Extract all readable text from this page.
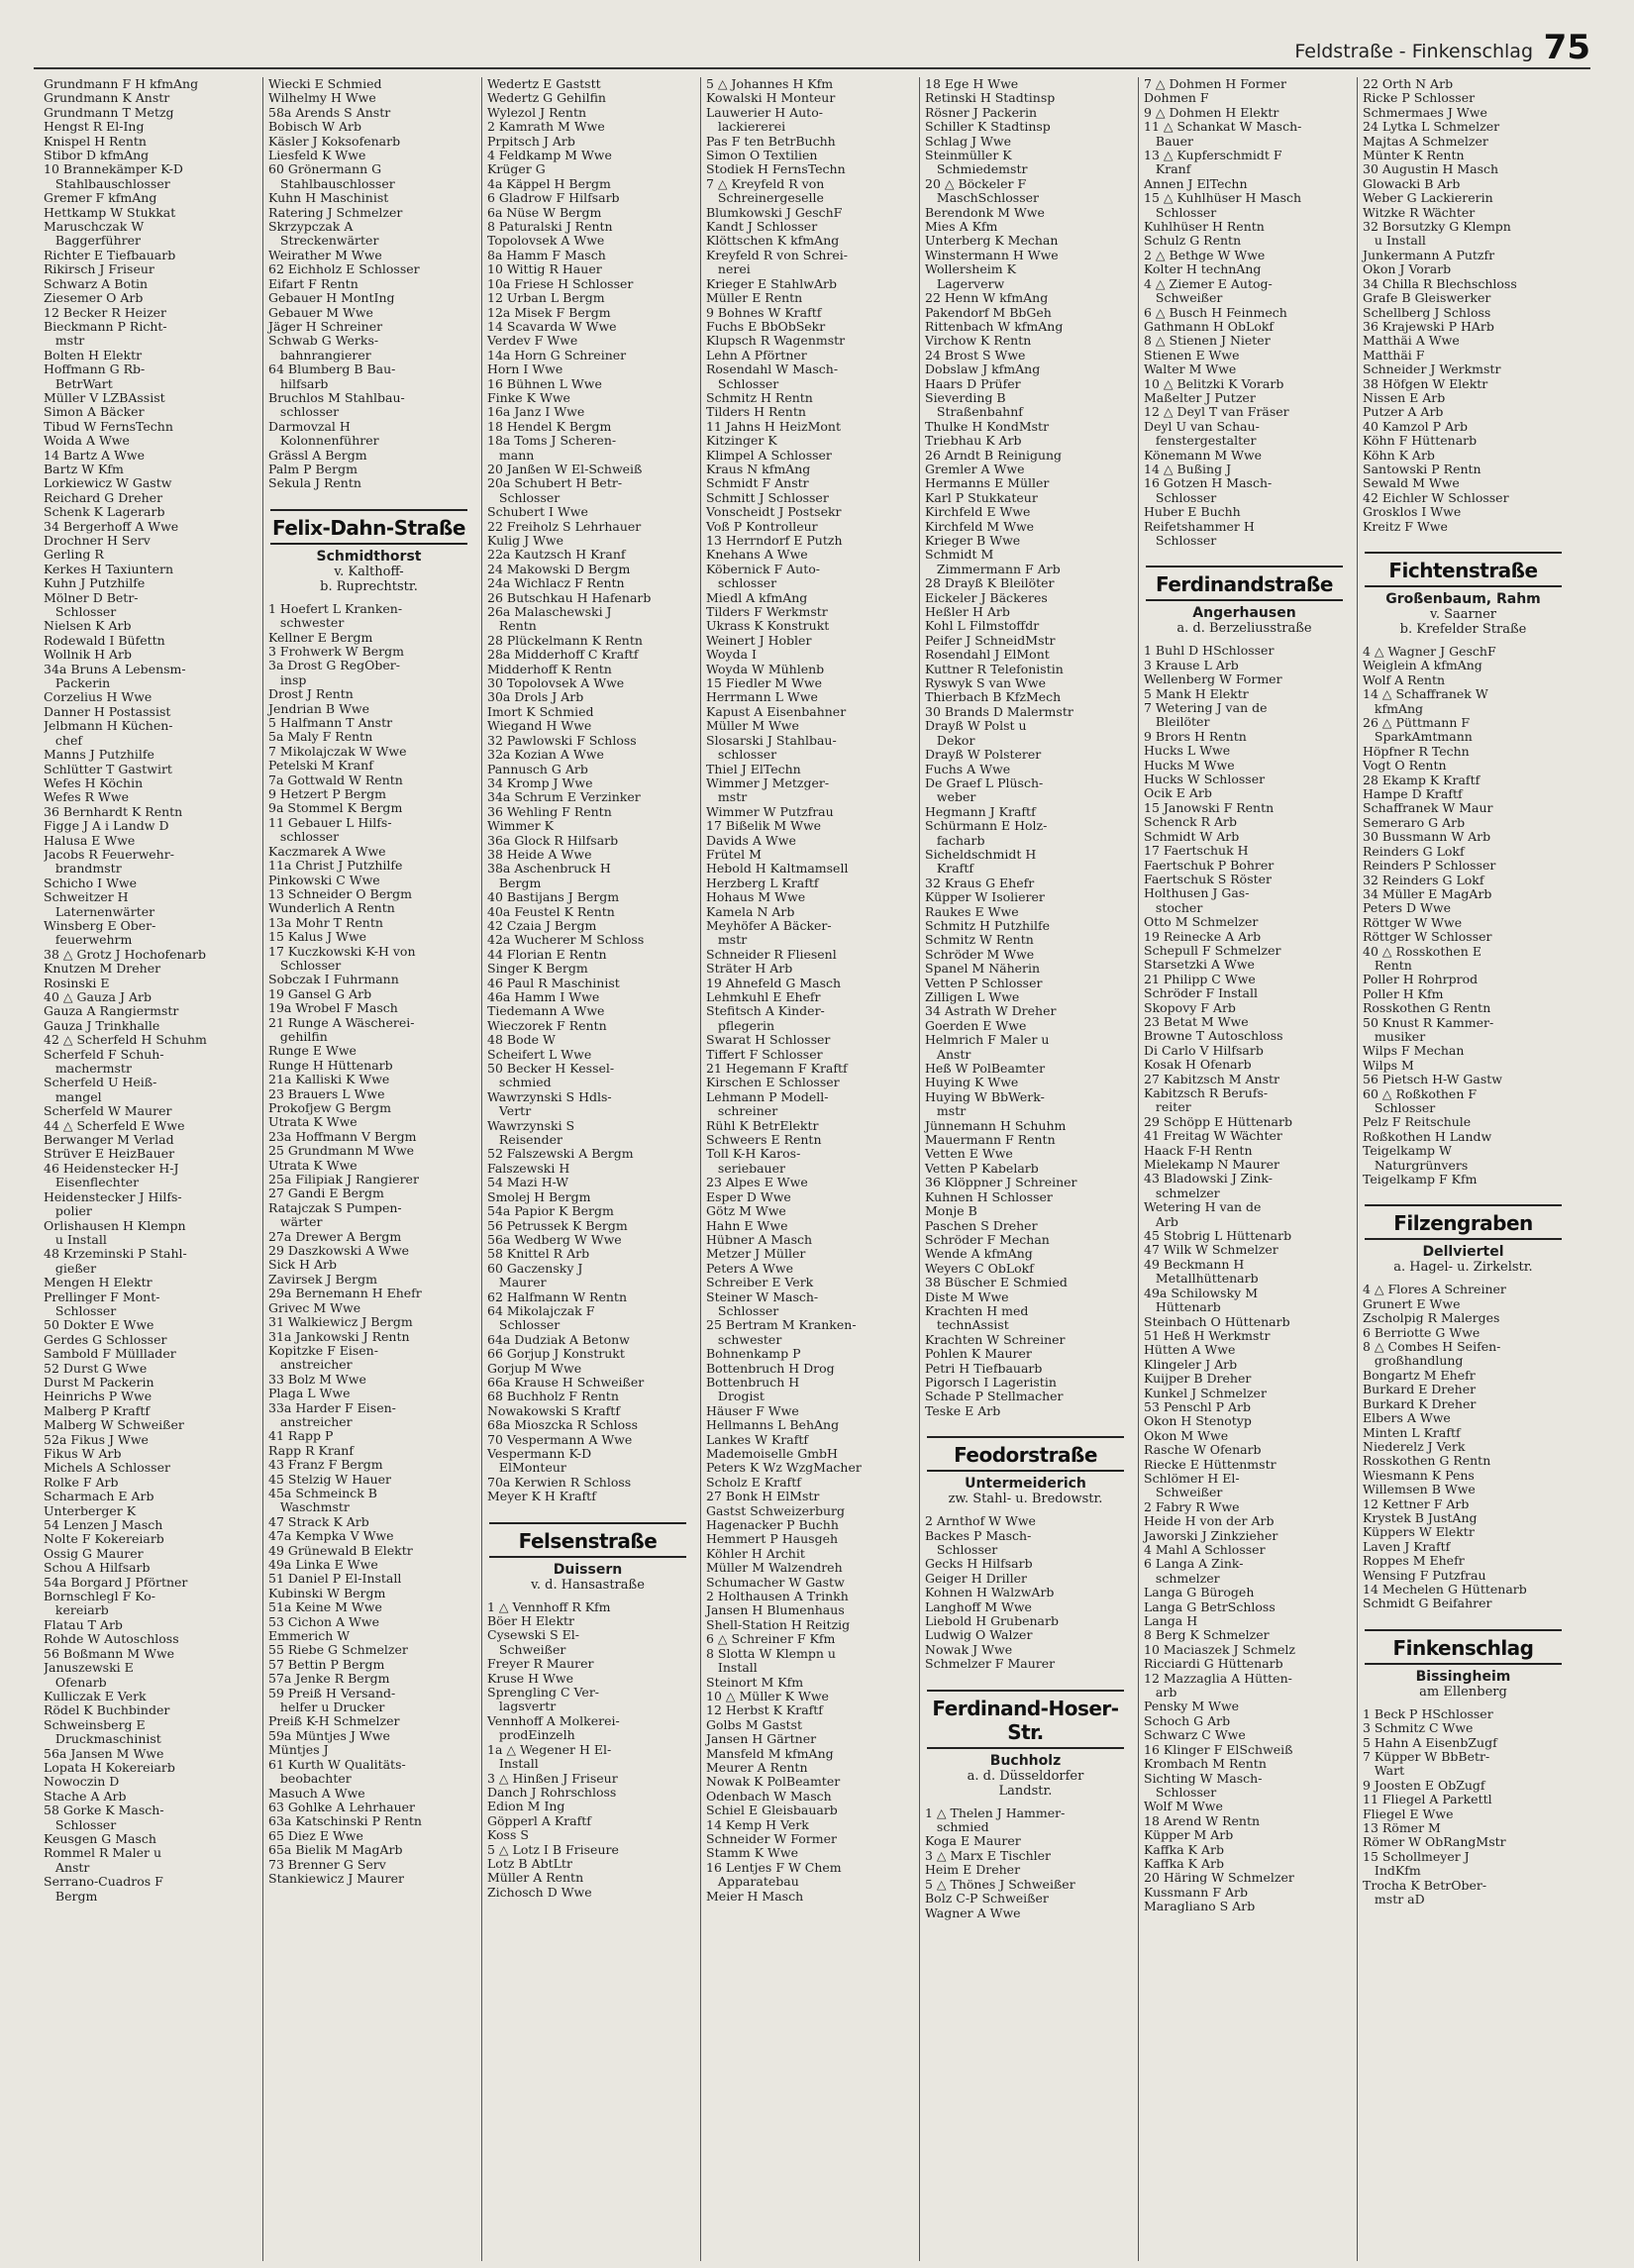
Feldstraße - Finkenschlag 75
Grundmann F H kfmAng
Grundmann K Anstr
Grundmann T Metzg
Hengst R El-Ing
Knispel H Rentn
Stibor D kfmAng
10 Brannekämper K-D
Stahlbauschlosser
Gremer F kfmAng
Hettkamp W Stukkat
Maruschczak W
Baggerführer
Richter E Tiefbauarb
Rikirsch J Friseur
Schwarz A Botin
Ziesemer O Arb
12 Becker R Heizer
Bieckmann P Richt-
mstr
Bolten H Elektr
Hoffmann G Rb-
BetrWart
Müller V LZBAssist
Simon A Bäcker
Tibud W FernsTechn
Woida A Wwe
14 Bartz A Wwe
Bartz W Kfm
Lorkiewicz W Gastw
Reichard G Dreher
Schenk K Lagerarb
34 Bergerhoff A Wwe
Drochner H Serv
Gerling R
Kerkes H Taxiuntern
Kuhn J Putzhilfe
Mölner D Betr-
Schlosser
Nielsen K Arb
Rodewald I Büfettn
Wollnik H Arb
34a Bruns A Lebensm-
Packerin
Corzelius H Wwe
Danner H Postassist
Jelbmann H Küchen-
chef
Manns J Putzhilfe
Schlütter T Gastwirt
Wefes H Köchin
Wefes R Wwe
36 Bernhardt K Rentn
Figge J A i Landw D
Halusa E Wwe
Jacobs R Feuerwehr-
brandmstr
Schicho I Wwe
Schweitzer H
Laternenwärter
Winsberg E Ober-
feuerwehrm
38 △ Grotz J Hochofenarb
Knutzen M Dreher
Rosinski E
40 △ Gauza J Arb
Gauza A Rangiermstr
Gauza J Trinkhalle
42 △ Scherfeld H Schuhm
Scherfeld F Schuh-
machermstr
Scherfeld U Heiß-
mangel
Scherfeld W Maurer
44 △ Scherfeld E Wwe
Berwanger M Verlad
Strüver E HeizBauer
46 Heidenstecker H-J
Eisenflechter
Heidenstecker J Hilfs-
polier
Orlishausen H Klempn
u Install
48 Krzeminski P Stahl-
gießer
Mengen H Elektr
Prellinger F Mont-
Schlosser
50 Dokter E Wwe
Gerdes G Schlosser
Sambold F Mülllader
52 Durst G Wwe
Durst M Packerin
Heinrichs P Wwe
Malberg P Kraftf
Malberg W Schweißer
52a Fikus J Wwe
Fikus W Arb
Michels A Schlosser
Rolke F Arb
Scharmach E Arb
Unterberger K
54 Lenzen J Masch
Nolte F Kokereiarb
Ossig G Maurer
Schou A Hilfsarb
54a Borgard J Pförtner
Bornschlegl F Ko-
kereiarb
Flatau T Arb
Rohde W Autoschloss
56 Boßmann M Wwe
Januszewski E
Ofenarb
Kulliczak E Verk
Rödel K Buchbinder
Schweinsberg E
Druckmaschinist
56a Jansen M Wwe
Lopata H Kokereiarb
Nowoczin D
Stache A Arb
58 Gorke K Masch-
Schlosser
Keusgen G Masch
Rommel R Maler u
Anstr
Serrano-Cuadros F
Bergm
Wiecki E Schmied
Wilhelmy H Wwe
58a Arends S Anstr
Bobisch W Arb
Käsler J Koksofenarb
Liesfeld K Wwe
60 Grönermann G
Stahlbauschlosser
Kuhn H Maschinist
Ratering J Schmelzer
Skrzypczak A
Streckenwärter
Weirather M Wwe
62 Eichholz E Schlosser
Eifart F Rentn
Gebauer H MontIng
Gebauer M Wwe
Jäger H Schreiner
Schwab G Werks-
bahnrangierer
64 Blumberg B Bau-
hilfsarb
Bruchlos M Stahlbau-
schlosser
Darmovzal H
Kolonnenführer
Grässl A Bergm
Palm P Bergm
Sekula J Rentn
Felix-Dahn-Straße
Schmidthorst
v. Kalthoff-
b. Ruprechtstr.
1 Hoefert L Kranken-
schwester
Kellner E Bergm
3 Frohwerk W Bergm
3a Drost G RegOber-
insp
Drost J Rentn
Jendrian B Wwe
5 Halfmann T Anstr
5a Maly F Rentn
7 Mikolajczak W Wwe
Petelski M Kranf
7a Gottwald W Rentn
9 Hetzert P Bergm
9a Stommel K Bergm
11 Gebauer L Hilfs-
schlosser
Kaczmarek A Wwe
11a Christ J Putzhilfe
Pinkowski C Wwe
13 Schneider O Bergm
Wunderlich A Rentn
13a Mohr T Rentn
15 Kalus J Wwe
17 Kuczkowski K-H von
Schlosser
Sobczak I Fuhrmann
19 Gansel G Arb
19a Wrobel F Masch
21 Runge A Wäscherei-
gehilfin
Runge E Wwe
Runge H Hüttenarb
21a Kalliski K Wwe
23 Brauers L Wwe
Prokofjew G Bergm
Utrata K Wwe
23a Hoffmann V Bergm
25 Grundmann M Wwe
Utrata K Wwe
25a Filipiak J Rangierer
27 Gandi E Bergm
Ratajczak S Pumpen-
wärter
27a Drewer A Bergm
29 Daszkowski A Wwe
Sick H Arb
Zavirsek J Bergm
29a Bernemann H Ehefr
Grivec M Wwe
31 Walkiewicz J Bergm
31a Jankowski J Rentn
Kopitzke F Eisen-
anstreicher
33 Bolz M Wwe
Plaga L Wwe
33a Harder F Eisen-
anstreicher
41 Rapp P
Rapp R Kranf
43 Franz F Bergm
45 Stelzig W Hauer
45a Schmeinck B
Waschmstr
47 Strack K Arb
47a Kempka V Wwe
49 Grünewald B Elektr
49a Linka E Wwe
51 Daniel P El-Install
Kubinski W Bergm
51a Keine M Wwe
53 Cichon A Wwe
Emmerich W
55 Riebe G Schmelzer
57 Bettin P Bergm
57a Jenke R Bergm
59 Preiß H Versand-
helfer u Drucker
Preiß K-H Schmelzer
59a Müntjes J Wwe
Müntjes J
61 Kurth W Qualitäts-
beobachter
Masuch A Wwe
63 Gohlke A Lehrhauer
63a Katschinski P Rentn
65 Diez E Wwe
65a Bielik M MagArb
73 Brenner G Serv
Stankiewicz J Maurer
Wedertz E Gaststt
Wedertz G Gehilfin
Wylezol J Rentn
2 Kamrath M Wwe
Prpitsch J Arb
4 Feldkamp M Wwe
Krüger G
4a Käppel H Bergm
6 Gladrow F Hilfsarb
6a Nüse W Bergm
8 Paturalski J Rentn
Topolovsek A Wwe
8a Hamm F Masch
10 Wittig R Hauer
10a Friese H Schlosser
12 Urban L Bergm
12a Misek F Bergm
14 Scavarda W Wwe
Verdev F Wwe
14a Horn G Schreiner
Horn I Wwe
16 Bühnen L Wwe
Finke K Wwe
16a Janz I Wwe
18 Hendel K Bergm
18a Toms J Scheren-
mann
20 Janßen W El-Schweiß
20a Schubert H Betr-
Schlosser
Schubert I Wwe
22 Freiholz S Lehrhauer
Kulig J Wwe
22a Kautzsch H Kranf
24 Makowski D Bergm
24a Wichlacz F Rentn
26 Butschkau H Hafenarb
26a Malaschewski J
Rentn
28 Plückelmann K Rentn
28a Midderhoff C Kraftf
Midderhoff K Rentn
30 Topolovsek A Wwe
30a Drols J Arb
Imort K Schmied
Wiegand H Wwe
32 Pawlowski F Schloss
32a Kozian A Wwe
Pannusch G Arb
34 Kromp J Wwe
34a Schrum E Verzinker
36 Wehling F Rentn
Wimmer K
36a Glock R Hilfsarb
38 Heide A Wwe
38a Aschenbruck H
Bergm
40 Bastijans J Bergm
40a Feustel K Rentn
42 Czaia J Bergm
42a Wucherer M Schloss
44 Florian E Rentn
Singer K Bergm
46 Paul R Maschinist
46a Hamm I Wwe
Tiedemann A Wwe
Wieczorek F Rentn
48 Bode W
Scheifert L Wwe
50 Becker H Kessel-
schmied
Wawrzynski S Hdls-
Vertr
Wawrzynski S
Reisender
52 Falszewski A Bergm
Falszewski H
54 Mazi H-W
Smolej H Bergm
54a Papior K Bergm
56 Petrussek K Bergm
56a Wedberg W Wwe
58 Knittel R Arb
60 Gaczensky J
Maurer
62 Halfmann W Rentn
64 Mikolajczak F
Schlosser
64a Dudziak A Betonw
66 Gorjup J Konstrukt
Gorjup M Wwe
66a Krause H Schweißer
68 Buchholz F Rentn
Nowakowski S Kraftf
68a Mioszcka R Schloss
70 Vespermann A Wwe
Vespermann K-D
ElMonteur
70a Kerwien R Schloss
Meyer K H Kraftf
Felsenstraße
Duissern
v. d. Hansastraße
1 △ Vennhoff R Kfm
Böer H Elektr
Cysewski S El-
Schweißer
Freyer R Maurer
Kruse H Wwe
Sprengling C Ver-
lagsvertr
Vennhoff A Molkerei-
prodEinzelh
1a △ Wegener H El-
Install
3 △ Hinßen J Friseur
Danch J Rohrschloss
Edion M Ing
Göpperl A Kraftf
Koss S
5 △ Lotz I B Friseure
Lotz B AbtLtr
Müller A Rentn
Zichosch D Wwe
5 △ Johannes H Kfm
Kowalski H Monteur
Lauwerier H Auto-
lackiererei
Pas F ten BetrBuchh
Simon O Textilien
Stodiek H FernsTechn
7 △ Kreyfeld R von
Schreinergeselle
Blumkowski J GeschF
Kandt J Schlosser
Klöttschen K kfmAng
Kreyfeld R von Schrei-
nerei
Krieger E StahlwArb
Müller E Rentn
9 Bohnes W Kraftf
Fuchs E BbObSekr
Klupsch R Wagenmstr
Lehn A Pförtner
Rosendahl W Masch-
Schlosser
Schmitz H Rentn
Tilders H Rentn
11 Jahns H HeizMont
Kitzinger K
Klimpel A Schlosser
Kraus N kfmAng
Schmidt F Anstr
Schmitt J Schlosser
Vonscheidt J Postsekr
Voß P Kontrolleur
13 Herrndorf E Putzh
Knehans A Wwe
Köbernick F Auto-
schlosser
Miedl A kfmAng
Tilders F Werkmstr
Ukrass K Konstrukt
Weinert J Hobler
Woyda I
Woyda W Mühlenb
15 Fiedler M Wwe
Herrmann L Wwe
Kapust A Eisenbahner
Müller M Wwe
Slosarski J Stahlbau-
schlosser
Thiel J ElTechn
Wimmer J Metzger-
mstr
Wimmer W Putzfrau
17 Bißelik M Wwe
Davids A Wwe
Frütel M
Hebold H Kaltmamsell
Herzberg L Kraftf
Hohaus M Wwe
Kamela N Arb
Meyhöfer A Bäcker-
mstr
Schneider R Fliesenl
Sträter H Arb
19 Ahnefeld G Masch
Lehmkuhl E Ehefr
Stefitsch A Kinder-
pflegerin
Swarat H Schlosser
Tiffert F Schlosser
21 Hegemann F Kraftf
Kirschen E Schlosser
Lehmann P Modell-
schreiner
Rühl K BetrElektr
Schweers E Rentn
Toll K-H Karos-
seriebauer
23 Alpes E Wwe
Esper D Wwe
Götz M Wwe
Hahn E Wwe
Hübner A Masch
Metzer J Müller
Peters A Wwe
Schreiber E Verk
Steiner W Masch-
Schlosser
25 Bertram M Kranken-
schwester
Bohnenkamp P
Bottenbruch H Drog
Bottenbruch H
Drogist
Häuser F Wwe
Hellmanns L BehAng
Lankes W Kraftf
Mademoiselle GmbH
Peters K Wz WzgMacher
Scholz E Kraftf
27 Bonk H ElMstr
Gastst Schweizerburg
Hagenacker P Buchh
Hemmert P Hausgeh
Köhler H Archit
Müller M Walzendreh
Schumacher W Gastw
2 Holthausen A Trinkh
Jansen H Blumenhaus
Shell-Station H Reitzig
6 △ Schreiner F Kfm
8 Slotta W Klempn u
Install
Steinort M Kfm
10 △ Müller K Wwe
12 Herbst K Kraftf
Golbs M Gastst
Jansen H Gärtner
Mansfeld M kfmAng
Meurer A Rentn
Nowak K PolBeamter
Odenbach W Masch
Schiel E Gleisbauarb
14 Kemp H Verk
Schneider W Former
Stamm K Wwe
16 Lentjes F W Chem
Apparatebau
Meier H Masch
18 Ege H Wwe
Retinski H Stadtinsp
Rösner J Packerin
Schiller K Stadtinsp
Schlag J Wwe
Steinmüller K
Schmiedemstr
20 △ Böckeler F
MaschSchlosser
Berendonk M Wwe
Mies A Kfm
Unterberg K Mechan
Winstermann H Wwe
Wollersheim K
Lagerverw
22 Henn W kfmAng
Pakendorf M BbGeh
Rittenbach W kfmAng
Virchow K Rentn
24 Brost S Wwe
Dobslaw J kfmAng
Haars D Prüfer
Sieverding B
Straßenbahnf
Thulke H KondMstr
Triebhau K Arb
26 Arndt B Reinigung
Gremler A Wwe
Hermanns E Müller
Karl P Stukkateur
Kirchfeld E Wwe
Kirchfeld M Wwe
Krieger B Wwe
Schmidt M
Zimmermann F Arb
28 Drayß K Bleilöter
Eickeler J Bäckeres
Heßler H Arb
Kohl L Filmstoffdr
Peifer J SchneidMstr
Rosendahl J ElMont
Kuttner R Telefonistin
Ryswyk S van Wwe
Thierbach B KfzMech
30 Brands D Malermstr
Drayß W Polst u
Dekor
Drayß W Polsterer
Fuchs A Wwe
De Graef L Plüsch-
weber
Hegmann J Kraftf
Schürmann E Holz-
facharb
Sicheldschmidt H
Kraftf
32 Kraus G Ehefr
Küpper W Isolierer
Raukes E Wwe
Schmitz H Putzhilfe
Schmitz W Rentn
Schröder M Wwe
Spanel M Näherin
Vetten P Schlosser
Zilligen L Wwe
34 Astrath W Dreher
Goerden E Wwe
Helmrich F Maler u
Anstr
Heß W PolBeamter
Huying K Wwe
Huying W BbWerk-
mstr
Jünnemann H Schuhm
Mauermann F Rentn
Vetten E Wwe
Vetten P Kabelarb
36 Klöppner J Schreiner
Kuhnen H Schlosser
Monje B
Paschen S Dreher
Schröder F Mechan
Wende A kfmAng
Weyers C ObLokf
38 Büscher E Schmied
Diste M Wwe
Krachten H med
technAssist
Krachten W Schreiner
Pohlen K Maurer
Petri H Tiefbauarb
Pigorsch I Lageristin
Schade P Stellmacher
Teske E Arb
Feodorstraße
Untermeiderich
zw. Stahl- u. Bredowstr.
2 Arnthof W Wwe
Backes P Masch-
Schlosser
Gecks H Hilfsarb
Geiger H Driller
Kohnen H WalzwArb
Langhoff M Wwe
Liebold H Grubenarb
Ludwig O Walzer
Nowak J Wwe
Schmelzer F Maurer
Ferdinand-Hoser-Str.
Buchholz
a. d. Düsseldorfer
Landstr.
1 △ Thelen J Hammer-
schmied
Koga E Maurer
3 △ Marx E Tischler
Heim E Dreher
5 △ Thönes J Schweißer
Bolz C-P Schweißer
Wagner A Wwe
7 △ Dohmen H Former
Dohmen F
9 △ Dohmen H Elektr
11 △ Schankat W Masch-
Bauer
13 △ Kupferschmidt F
Kranf
Annen J ElTechn
15 △ Kuhlhüser H Masch
Schlosser
Kuhlhüser H Rentn
Schulz G Rentn
2 △ Bethge W Wwe
Kolter H technAng
4 △ Ziemer E Autog-
Schweißer
6 △ Busch H Feinmech
Gathmann H ObLokf
8 △ Stienen J Nieter
Stienen E Wwe
Walter M Wwe
10 △ Belitzki K Vorarb
Maßelter J Putzer
12 △ Deyl T van Fräser
Deyl U van Schau-
fenstergestalter
Könemann M Wwe
14 △ Bußing J
16 Gotzen H Masch-
Schlosser
Huber E Buchh
Reifetshammer H
Schlosser
Ferdinandstraße
Angerhausen
a. d. Berzeliusstraße
1 Buhl D HSchlosser
3 Krause L Arb
Wellenberg W Former
5 Mank H Elektr
7 Wetering J van de
Bleilöter
9 Brors H Rentn
Hucks L Wwe
Hucks M Wwe
Hucks W Schlosser
Ocik E Arb
15 Janowski F Rentn
Schenck R Arb
Schmidt W Arb
17 Faertschuk H
Faertschuk P Bohrer
Faertschuk S Röster
Holthusen J Gas-
stocher
Otto M Schmelzer
19 Reinecke A Arb
Schepull F Schmelzer
Starsetzki A Wwe
21 Philipp C Wwe
Schröder F Install
Skopovy F Arb
23 Betat M Wwe
Browne T Autoschloss
Di Carlo V Hilfsarb
Kosak H Ofenarb
27 Kabitzsch M Anstr
Kabitzsch R Berufs-
reiter
29 Schöpp E Hüttenarb
41 Freitag W Wächter
Haack F-H Rentn
Mielekamp N Maurer
43 Bladowski J Zink-
schmelzer
Wetering H van de
Arb
45 Stobrig L Hüttenarb
47 Wilk W Schmelzer
49 Beckmann H
Metallhüttenarb
49a Schilowsky M
Hüttenarb
Steinbach O Hüttenarb
51 Heß H Werkmstr
Hütten A Wwe
Klingeler J Arb
Kuijper B Dreher
Kunkel J Schmelzer
53 Penschl P Arb
Okon H Stenotyp
Okon M Wwe
Rasche W Ofenarb
Riecke E Hüttenmstr
Schlömer H El-
Schweißer
2 Fabry R Wwe
Heide H von der Arb
Jaworski J Zinkzieher
4 Mahl A Schlosser
6 Langa A Zink-
schmelzer
Langa G Bürogeh
Langa G BetrSchloss
Langa H
8 Berg K Schmelzer
10 Maciaszek J Schmelz
Ricciardi G Hüttenarb
12 Mazzaglia A Hütten-
arb
Pensky M Wwe
Schoch G Arb
Schwarz C Wwe
16 Klinger F ElSchweiß
Krombach M Rentn
Sichting W Masch-
Schlosser
Wolf M Wwe
18 Arend W Rentn
Küpper M Arb
Kaffka K Arb
Kaffka K Arb
20 Häring W Schmelzer
Kussmann F Arb
Maragliano S Arb
22 Orth N Arb
Ricke P Schlosser
Schmermaes J Wwe
24 Lytka L Schmelzer
Majtas A Schmelzer
Münter K Rentn
30 Augustin H Masch
Glowacki B Arb
Weber G Lackiererin
Witzke R Wächter
32 Borsutzky G Klempn
u Install
Junkermann A Putzfr
Okon J Vorarb
34 Chilla R Blechschloss
Grafe B Gleiswerker
Schellberg J Schloss
36 Krajewski P HArb
Matthäi A Wwe
Matthäi F
Schneider J Werkmstr
38 Höfgen W Elektr
Nissen E Arb
Putzer A Arb
40 Kamzol P Arb
Köhn F Hüttenarb
Köhn K Arb
Santowski P Rentn
Sewald M Wwe
42 Eichler W Schlosser
Grosklos I Wwe
Kreitz F Wwe
Fichtenstraße
Großenbaum, Rahm
v. Saarner
b. Krefelder Straße
4 △ Wagner J GeschF
Weiglein A kfmAng
Wolf A Rentn
14 △ Schaffranek W
kfmAng
26 △ Püttmann F
SparkAmtmann
Höpfner R Techn
Vogt O Rentn
28 Ekamp K Kraftf
Hampe D Kraftf
Schaffranek W Maur
Semeraro G Arb
30 Bussmann W Arb
Reinders G Lokf
Reinders P Schlosser
32 Reinders G Lokf
34 Müller E MagArb
Peters D Wwe
Röttger W Wwe
Röttger W Schlosser
40 △ Rosskothen E
Rentn
Poller H Rohrprod
Poller H Kfm
Rosskothen G Rentn
50 Knust R Kammer-
musiker
Wilps F Mechan
Wilps M
56 Pietsch H-W Gastw
60 △ Roßkothen F
Schlosser
Pelz F Reitschule
Roßkothen H Landw
Teigelkamp W
Naturgrünvers
Teigelkamp F Kfm
Filzengraben
Dellviertel
a. Hagel- u. Zirkelstr.
4 △ Flores A Schreiner
Grunert E Wwe
Zscholpig R Malerges
6 Berriotte G Wwe
8 △ Combes H Seifen-
großhandlung
Bongartz M Ehefr
Burkard E Dreher
Burkard K Dreher
Elbers A Wwe
Minten L Kraftf
Niederelz J Verk
Rosskothen G Rentn
Wiesmann K Pens
Willemsen B Wwe
12 Kettner F Arb
Krystek B JustAng
Küppers W Elektr
Laven J Kraftf
Roppes M Ehefr
Wensing F Putzfrau
14 Mechelen G Hüttenarb
Schmidt G Beifahrer
Finkenschlag
Bissingheim
am Ellenberg
1 Beck P HSchlosser
3 Schmitz C Wwe
5 Hahn A EisenbZugf
7 Küpper W BbBetr-
Wart
9 Joosten E ObZugf
11 Fliegel A Parkettl
Fliegel E Wwe
13 Römer M
Römer W ObRangMstr
15 Schollmeyer J
IndKfm
Trocha K BetrOber-
mstr aD
